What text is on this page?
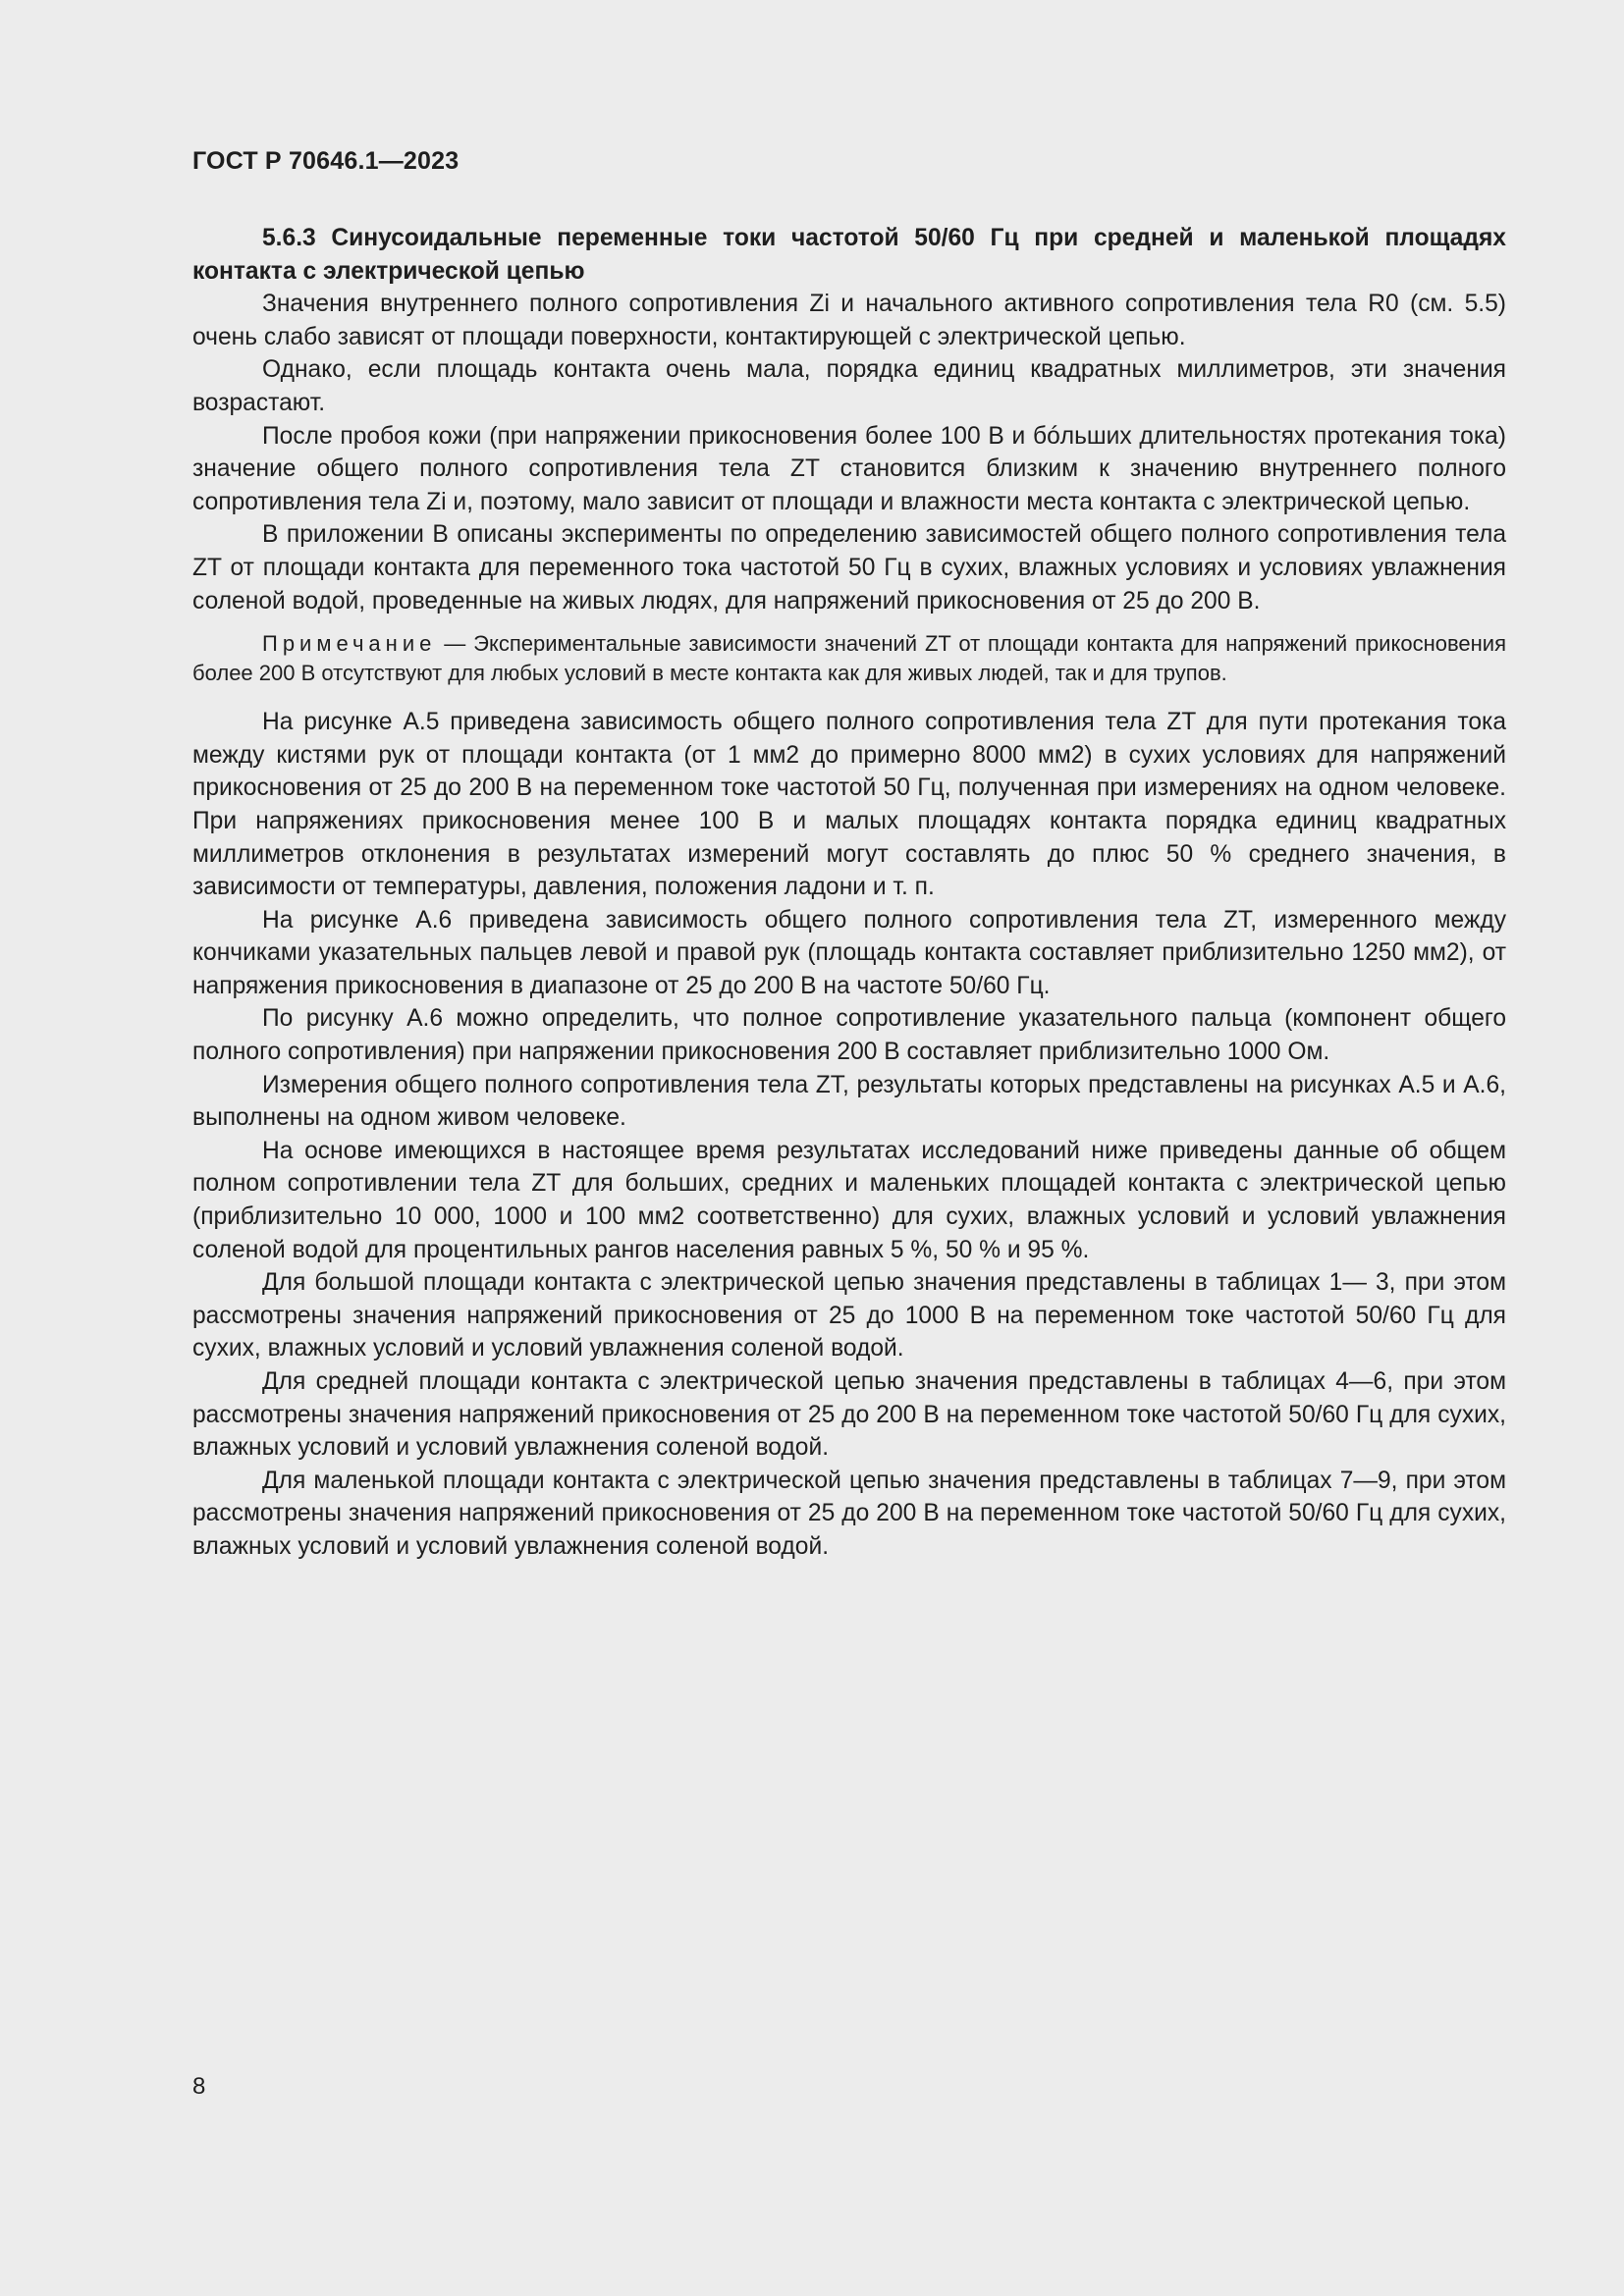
ГОСТ Р 70646.1—2023
5.6.3 Синусоидальные переменные токи частотой 50/60 Гц при средней и маленькой площадях контакта с электрической цепью

Значения внутреннего полного сопротивления Zi и начального активного сопротивления тела R0 (см. 5.5) очень слабо зависят от площади поверхности, контактирующей с электрической цепью.

Однако, если площадь контакта очень мала, порядка единиц квадратных миллиметров, эти значения возрастают.

После пробоя кожи (при напряжении прикосновения более 100 В и бóльших длительностях протекания тока) значение общего полного сопротивления тела ZT становится близким к значению внутреннего полного сопротивления тела Zi и, поэтому, мало зависит от площади и влажности места контакта с электрической цепью.

В приложении В описаны эксперименты по определению зависимостей общего полного сопротивления тела ZT от площади контакта для переменного тока частотой 50 Гц в сухих, влажных условиях и условиях увлажнения соленой водой, проведенные на живых людях, для напряжений прикосновения от 25 до 200 В.

Примечание — Экспериментальные зависимости значений ZT от площади контакта для напряжений прикосновения более 200 В отсутствуют для любых условий в месте контакта как для живых людей, так и для трупов.

На рисунке А.5 приведена зависимость общего полного сопротивления тела ZT для пути протекания тока между кистями рук от площади контакта (от 1 мм2 до примерно 8000 мм2) в сухих условиях для напряжений прикосновения от 25 до 200 В на переменном токе частотой 50 Гц, полученная при измерениях на одном человеке. При напряжениях прикосновения менее 100 В и малых площадях контакта порядка единиц квадратных миллиметров отклонения в результатах измерений могут составлять до плюс 50 % среднего значения, в зависимости от температуры, давления, положения ладони и т. п.

На рисунке А.6 приведена зависимость общего полного сопротивления тела ZT, измеренного между кончиками указательных пальцев левой и правой рук (площадь контакта составляет приблизительно 1250 мм2), от напряжения прикосновения в диапазоне от 25 до 200 В на частоте 50/60 Гц.

По рисунку А.6 можно определить, что полное сопротивление указательного пальца (компонент общего полного сопротивления) при напряжении прикосновения 200 В составляет приблизительно 1000 Ом.

Измерения общего полного сопротивления тела ZT, результаты которых представлены на рисунках А.5 и А.6, выполнены на одном живом человеке.

На основе имеющихся в настоящее время результатах исследований ниже приведены данные об общем полном сопротивлении тела ZT для больших, средних и маленьких площадей контакта с электрической цепью (приблизительно 10 000, 1000 и 100 мм2 соответственно) для сухих, влажных условий и условий увлажнения соленой водой для процентильных рангов населения равных 5 %, 50 % и 95 %.

Для большой площади контакта с электрической цепью значения представлены в таблицах 1— 3, при этом рассмотрены значения напряжений прикосновения от 25 до 1000 В на переменном токе частотой 50/60 Гц для сухих, влажных условий и условий увлажнения соленой водой.

Для средней площади контакта с электрической цепью значения представлены в таблицах 4—6, при этом рассмотрены значения напряжений прикосновения от 25 до 200 В на переменном токе частотой 50/60 Гц для сухих, влажных условий и условий увлажнения соленой водой.

Для маленькой площади контакта с электрической цепью значения представлены в таблицах 7—9, при этом рассмотрены значения напряжений прикосновения от 25 до 200 В на переменном токе частотой 50/60 Гц для сухих, влажных условий и условий увлажнения соленой водой.

8
